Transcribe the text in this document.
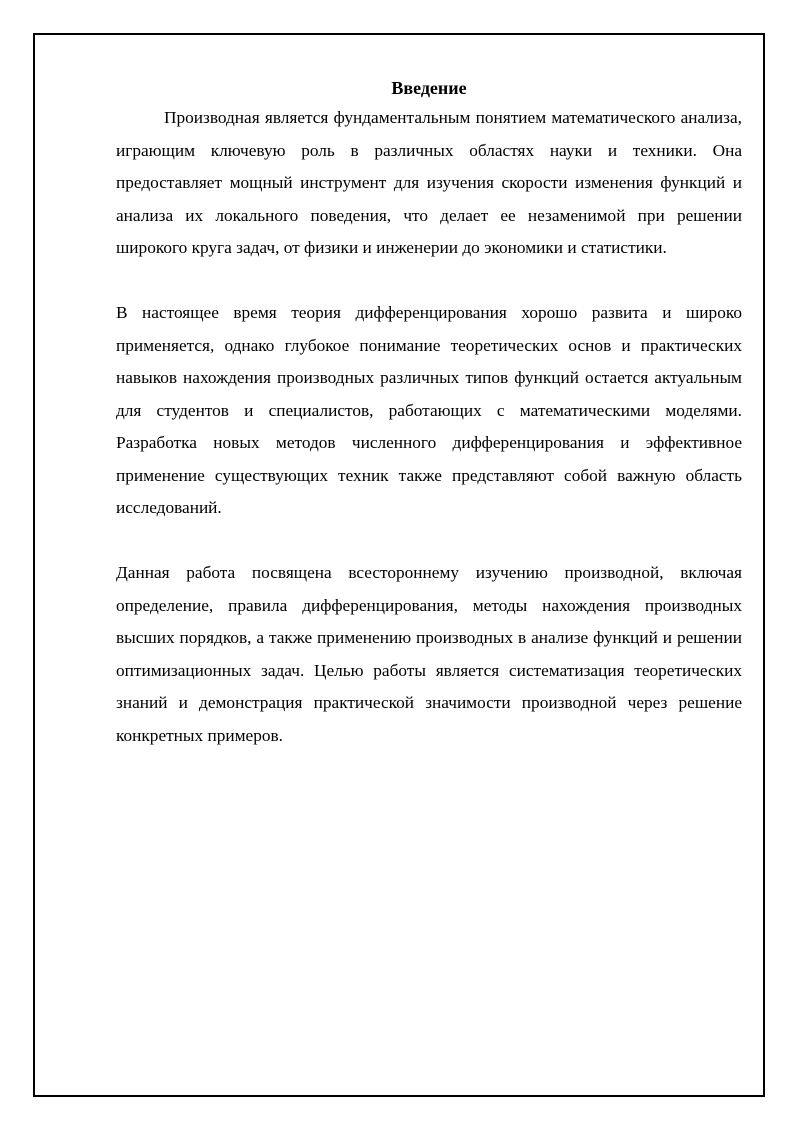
Введение

Производная является фундаментальным понятием математического анализа, играющим ключевую роль в различных областях науки и техники. Она предоставляет мощный инструмент для изучения скорости изменения функций и анализа их локального поведения, что делает ее незаменимой при решении широкого круга задач, от физики и инженерии до экономики и статистики.

В настоящее время теория дифференцирования хорошо развита и широко применяется, однако глубокое понимание теоретических основ и практических навыков нахождения производных различных типов функций остается актуальным для студентов и специалистов, работающих с математическими моделями. Разработка новых методов численного дифференцирования и эффективное применение существующих техник также представляют собой важную область исследований.

Данная работа посвящена всестороннему изучению производной, включая определение, правила дифференцирования, методы нахождения производных высших порядков, а также применению производных в анализе функций и решении оптимизационных задач. Целью работы является систематизация теоретических знаний и демонстрация практической значимости производной через решение конкретных примеров.
